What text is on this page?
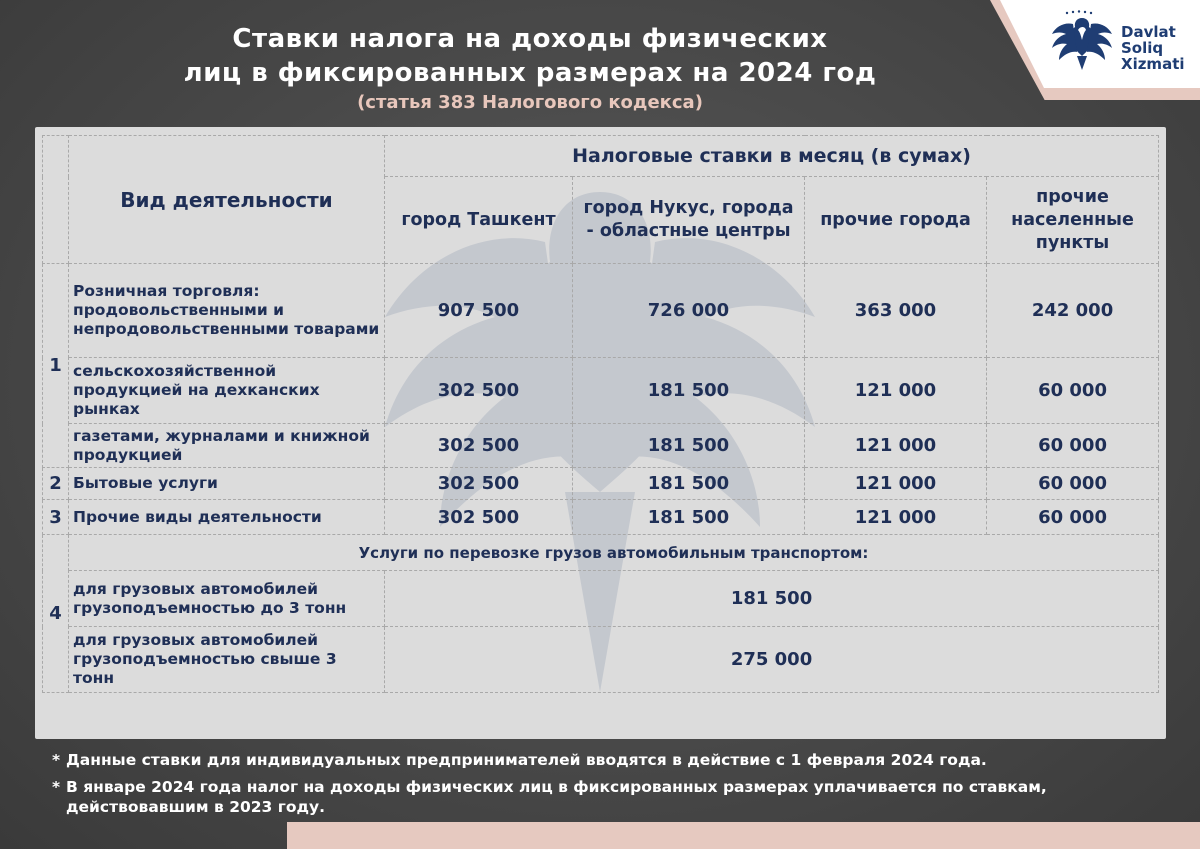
Davlat
Soliq
Xizmati
Ставки налога на доходы физических
лиц в фиксированных размерах на 2024 год
(статья 383 Налогового кодекса)
	Вид деятельности	Налоговые ставки в месяц (в сумах)			
		город Ташкент	город Нукус, города - областные центры	прочие города	прочие населенные пункты
1	Розничная торговля: продовольственными и непродовольственными товарами	907 500	726 000	363 000	242 000
	сельскохозяйственной продукцией на дехканских рынках	302 500	181 500	121 000	60 000
	газетами, журналами и книжной продукцией	302 500	181 500	121 000	60 000
2	Бытовые услуги	302 500	181 500	121 000	60 000
3	Прочие виды деятельности	302 500	181 500	121 000	60 000
4	Услуги по перевозке грузов автомобильным транспортом:				
	для грузовых автомобилей грузоподъемностью до 3 тонн	181 500			
	для грузовых автомобилей грузоподъемностью свыше 3 тонн	275 000			
* Данные ставки для индивидуальных предпринимателей вводятся в действие с 1 февраля 2024 года.
* В январе 2024 года налог на доходы физических лиц в фиксированных размерах уплачивается по ставкам, действовавшим в 2023 году.
